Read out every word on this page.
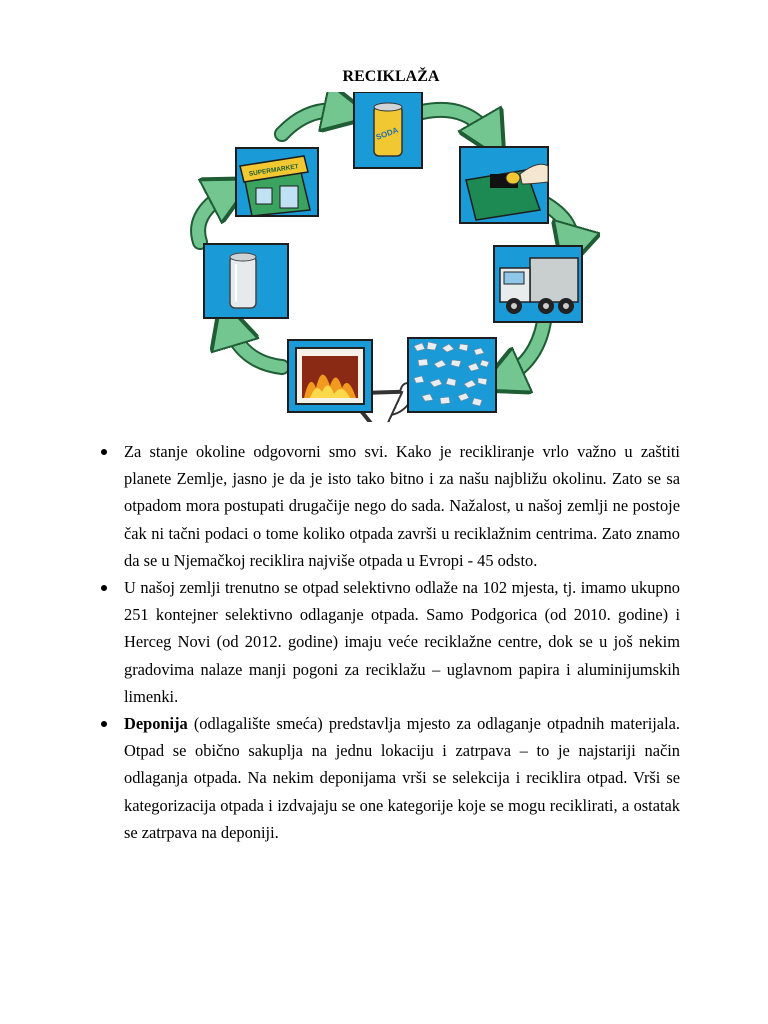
RECIKLAŽA
SODA
SUPERMARKET
Za stanje okoline odgovorni smo svi. Kako je recikliranje vrlo važno u zaštiti planete Zemlje, jasno je da je isto tako bitno i za našu najbližu okolinu. Zato se sa otpadom mora postupati drugačije nego do sada. Nažalost, u našoj zemlji ne postoje čak ni tačni podaci o tome koliko otpada završi u reciklažnim centrima. Zato znamo da se u Njemačkoj reciklira najviše otpada u Evropi - 45 odsto.
U našoj zemlji trenutno se otpad selektivno odlaže na 102 mjesta, tj. imamo ukupno 251 kontejner selektivno odlaganje otpada. Samo Podgorica (od 2010. godine) i Herceg Novi (od 2012. godine) imaju veće reciklažne centre, dok se u još nekim gradovima nalaze manji pogoni za reciklažu – uglavnom papira i aluminijumskih limenki.
Deponija (odlagalište smeća) predstavlja mjesto za odlaganje otpadnih materijala. Otpad se obično sakuplja na jednu lokaciju i zatrpava – to je najstariji način odlaganja otpada. Na nekim deponijama vrši se selekcija i reciklira otpad. Vrši se kategorizacija otpada i izdvajaju se one kategorije koje se mogu reciklirati, a ostatak se zatrpava na deponiji.
